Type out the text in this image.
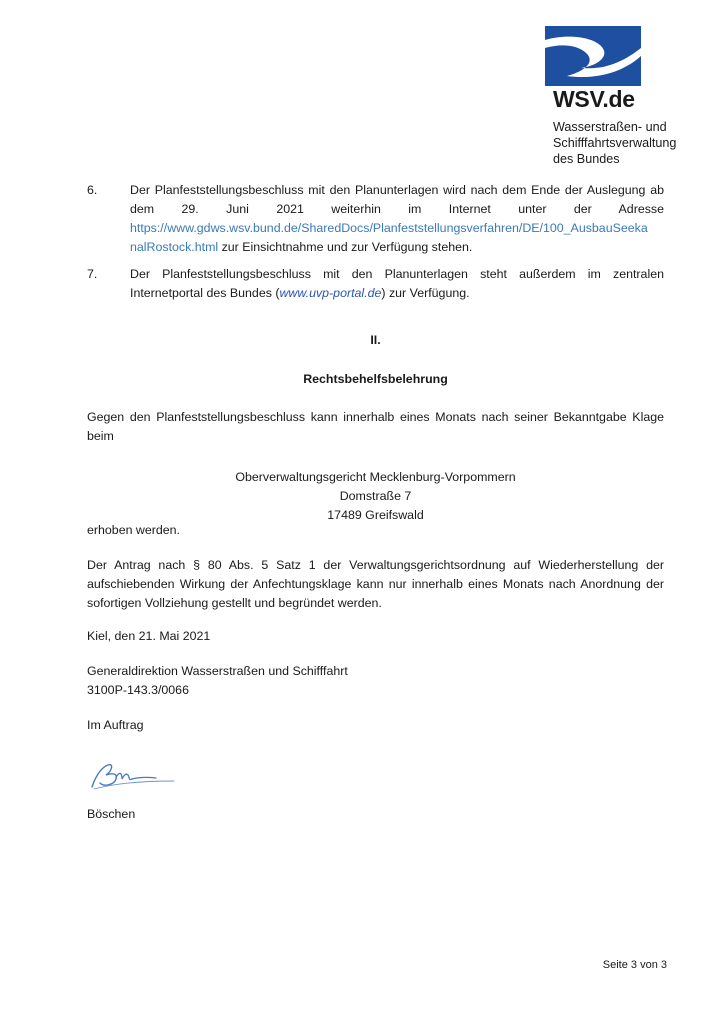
WSV.de
Wasserstraßen- und
Schifffahrtsverwaltung
des Bundes
6.	Der Planfeststellungsbeschluss mit den Planunterlagen wird nach dem Ende der Auslegung ab
dem 29. Juni 2021 weiterhin im Internet unter der Adresse
https://www.gdws.wsv.bund.de/SharedDocs/Planfeststellungsverfahren/DE/100_AusbauSeeka
nalRostock.html zur Einsichtnahme und zur Verfügung stehen.
7.	Der Planfeststellungsbeschluss mit den Planunterlagen steht außerdem im zentralen
Internetportal des Bundes (www.uvp-portal.de) zur Verfügung.
II.
Rechtsbehelfsbelehrung
Gegen den Planfeststellungsbeschluss kann innerhalb eines Monats nach seiner Bekanntgabe Klage
beim
Oberverwaltungsgericht Mecklenburg-Vorpommern
Domstraße 7
17489 Greifswald
erhoben werden.
Der Antrag nach § 80 Abs. 5 Satz 1 der Verwaltungsgerichtsordnung auf Wiederherstellung der
aufschiebenden Wirkung der Anfechtungsklage kann nur innerhalb eines Monats nach Anordnung der
sofortigen Vollziehung gestellt und begründet werden.
Kiel, den 21. Mai 2021
Generaldirektion Wasserstraßen und Schifffahrt
3100P-143.3/0066
Im Auftrag
Böschen
Seite 3 von 3
